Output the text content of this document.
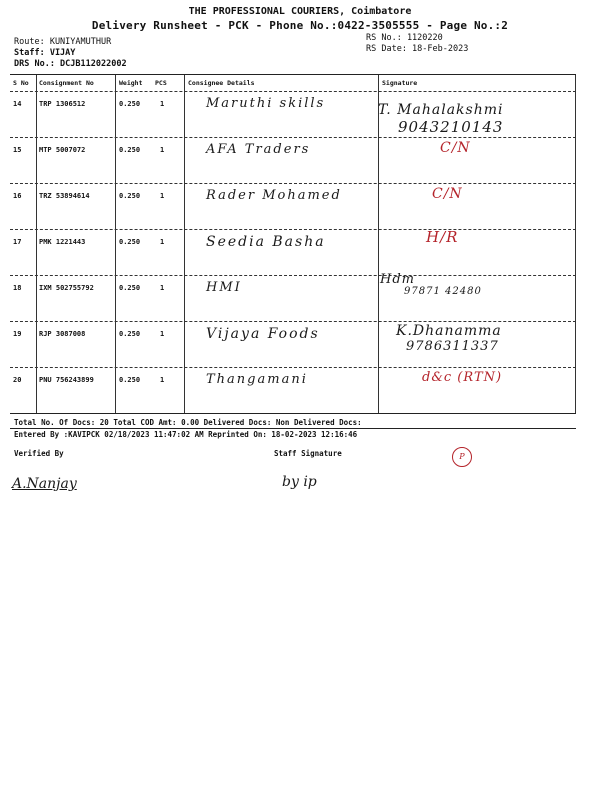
THE PROFESSIONAL COURIERS, Coimbatore
Delivery Runsheet - PCK - Phone No.:0422-3505555 - Page No.:2
Route: KUNIYAMUTHUR
Staff: VIJAY
DRS No.: DCJB112022002
RS No.: 1120220
RS Date: 18-Feb-2023
S No Consignment No	Weight PCS	Consignee Details	Signature
14	TRP 1306512	0.250	1	Maruthi skills	T. Mahalakshmi
9043210143
15	MTP 5007072	0.250	1	AFA Traders	C/N
16	TRZ 53894614	0.250	1	Rader Mohamed	C/N
17	PMK 1221443	0.250	1	Seedia Basha	H/R
18	IXM 502755792	0.250	1	HMI
Hdm
97871 42480
19	RJP 3087008	0.250	1	Vijaya Foods	K.Dhanamma
9786311337
20	PNU 756243899	0.250	1	Thangamani	d&c (RTN)
Total No. Of Docs: 20 Total COD Amt: 0.00 Delivered Docs: Non Delivered Docs:
Entered By :KAVIPCK 02/18/2023 11:47:02 AM Reprinted On: 18-02-2023 12:16:46
Verified By	Staff Signature
A.Nanjay	by ip
P
